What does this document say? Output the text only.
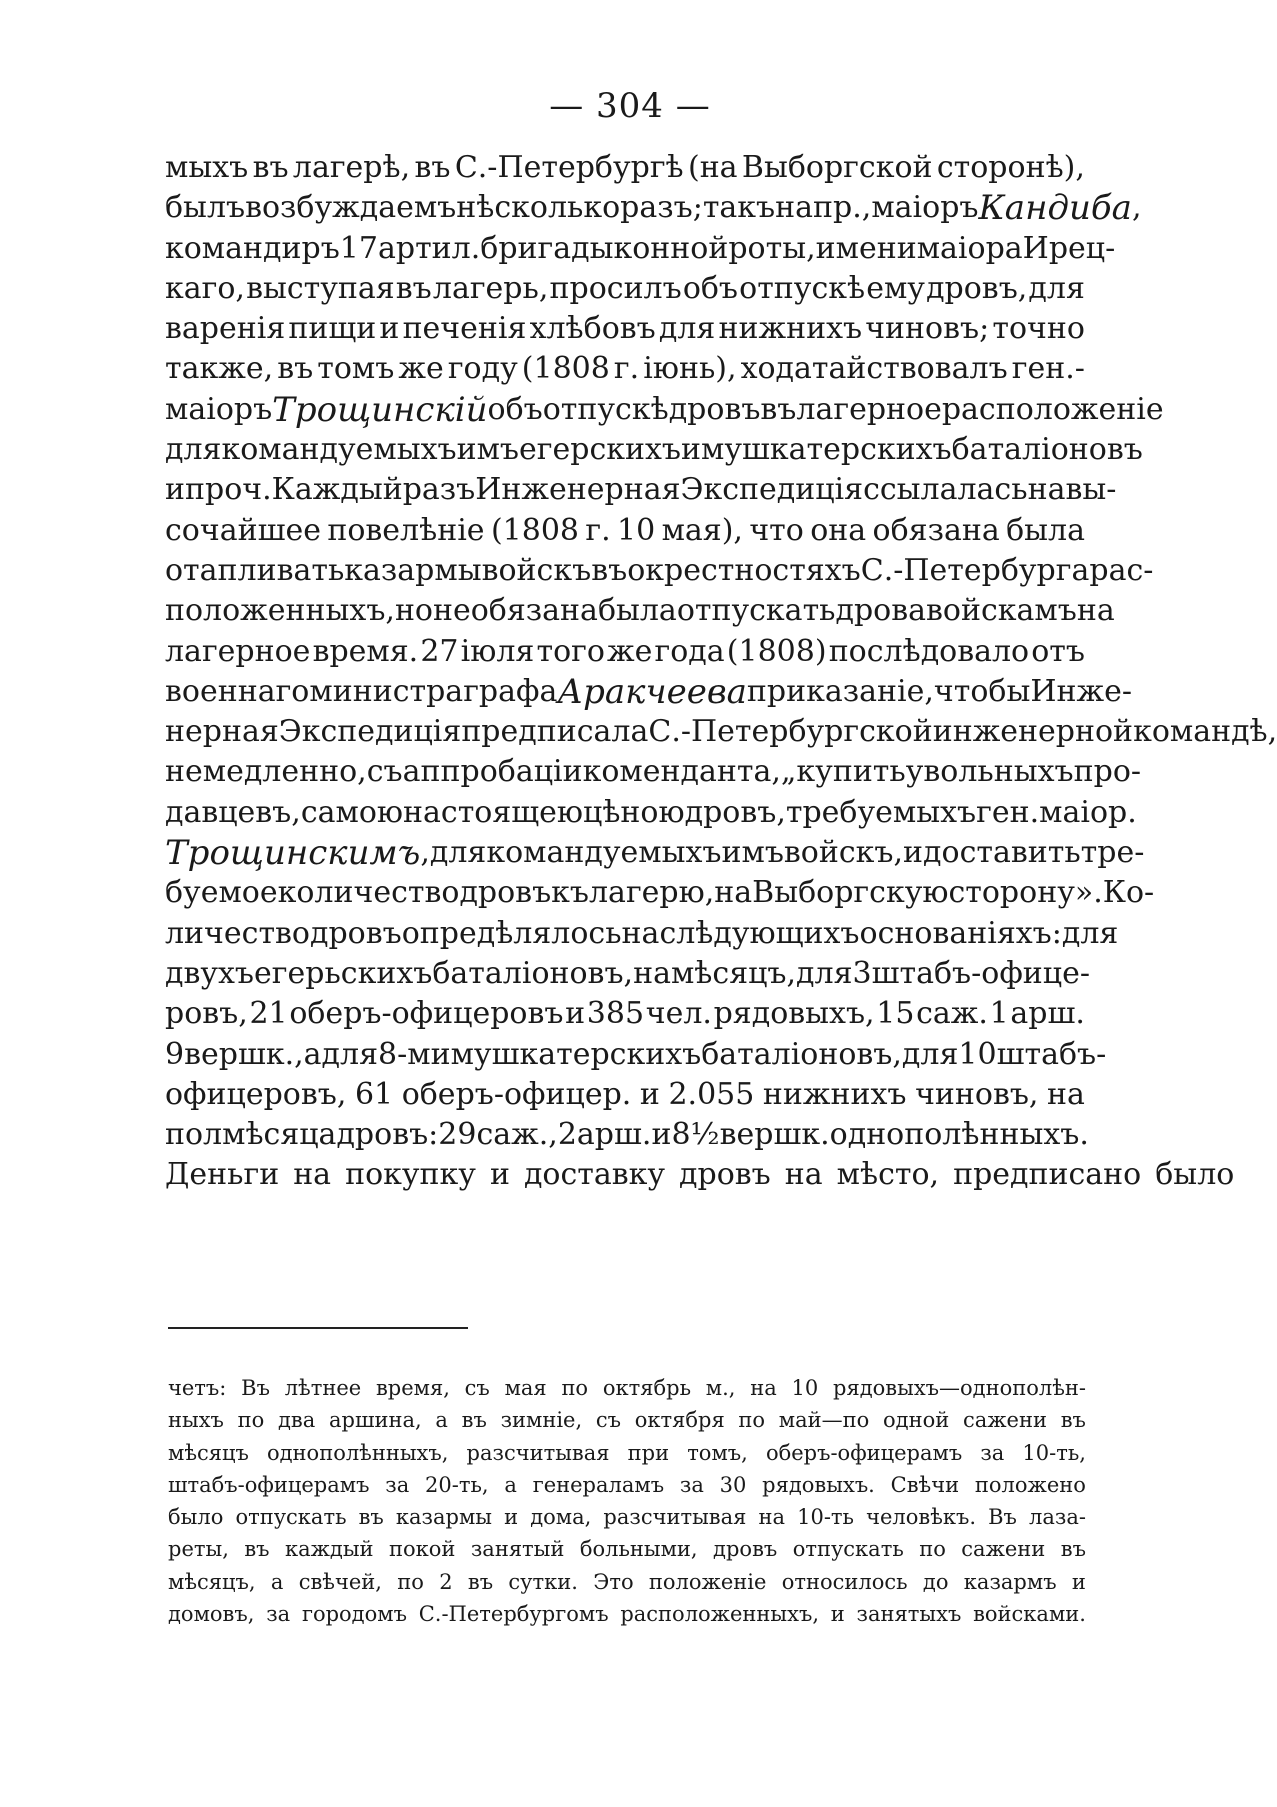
— 304 —
мыхъ въ лагерѣ, въ С.-Петербургѣ (на Выборгской сторонѣ),
былъ возбуждаемъ нѣсколько разъ; такъ напр., маіоръ Кандиба ,
командиръ 17 артил. бригады конной роты, имени маіора Ирец-
каго, выступая въ лагерь, просилъ объ отпускѣ ему дровъ, для
варенія пищи и печенія хлѣбовъ для нижнихъ чиновъ; точно
также, въ томъ же году (1808 г. іюнь), ходатайствовалъ ген.-
маіоръ Трощинскій объ отпускѣ дровъ въ лагерное расположеніе
для командуемыхъ имъ егерскихъ и мушкатерскихъ баталіоновъ
и проч. Каждый разъ Инженерная Экспедиція ссылалась на вы-
сочайшее повелѣніе (1808 г. 10 мая), что она обязана была
отапливать казармы войскъ въ окрестностяхъ С.-Петербурга рас-
положенныхъ, но не обязана была отпускать дрова войскамъ на
лагерное время. 27 іюля того же года (1808) послѣдовало отъ
военнаго министра графа Аракчеева приказаніе, чтобы Инже-
нерная Экспедиція предписала С.-Петербургской инженерной командѣ,
немедленно, съ аппробаціи коменданта, „купить у вольныхъ про-
давцевъ, самою настоящею цѣною дровъ, требуемыхъ ген. маіор.
Трощинскимъ , для командуемыхъ имъ войскъ, и доставить тре-
буемое количество дровъ къ лагерю, на Выборгскую сторону». Ко-
личество дровъ опредѣлялось на слѣдующихъ основаніяхъ: для
двухъ егерьскихъ баталіоновъ, на мѣсяцъ, для 3 штабъ-офице-
ровъ, 21 оберъ-офицеровъ и 385 чел. рядовыхъ, 15 саж. 1 арш.
9 вершк., а для 8-ми мушкатерскихъ баталіоновъ, для 10 штабъ-
офицеровъ, 61 оберъ-офицер. и 2.055 нижнихъ чиновъ, на
полмѣсяца дровъ: 29 саж., 2 арш. и 8½ вершк. однополѣнныхъ.
Деньги на покупку и доставку дровъ на мѣсто, предписано было
четъ: Въ лѣтнее время, съ мая по октябрь м., на 10 рядовыхъ—однополѣн-
ныхъ по два аршина, а въ зимніе, съ октября по май—по одной сажени въ
мѣсяцъ однополѣнныхъ, разсчитывая при томъ, оберъ-офицерамъ за 10-ть,
штабъ-офицерамъ за 20-ть, а генераламъ за 30 рядовыхъ. Свѣчи положено
было отпускать въ казармы и дома, разсчитывая на 10-ть человѣкъ. Въ лаза-
реты, въ каждый покой занятый больными, дровъ отпускать по сажени въ
мѣсяцъ, а свѣчей, по 2 въ сутки. Это положеніе относилось до казармъ и
домовъ, за городомъ С.-Петербургомъ расположенныхъ, и занятыхъ войсками.
